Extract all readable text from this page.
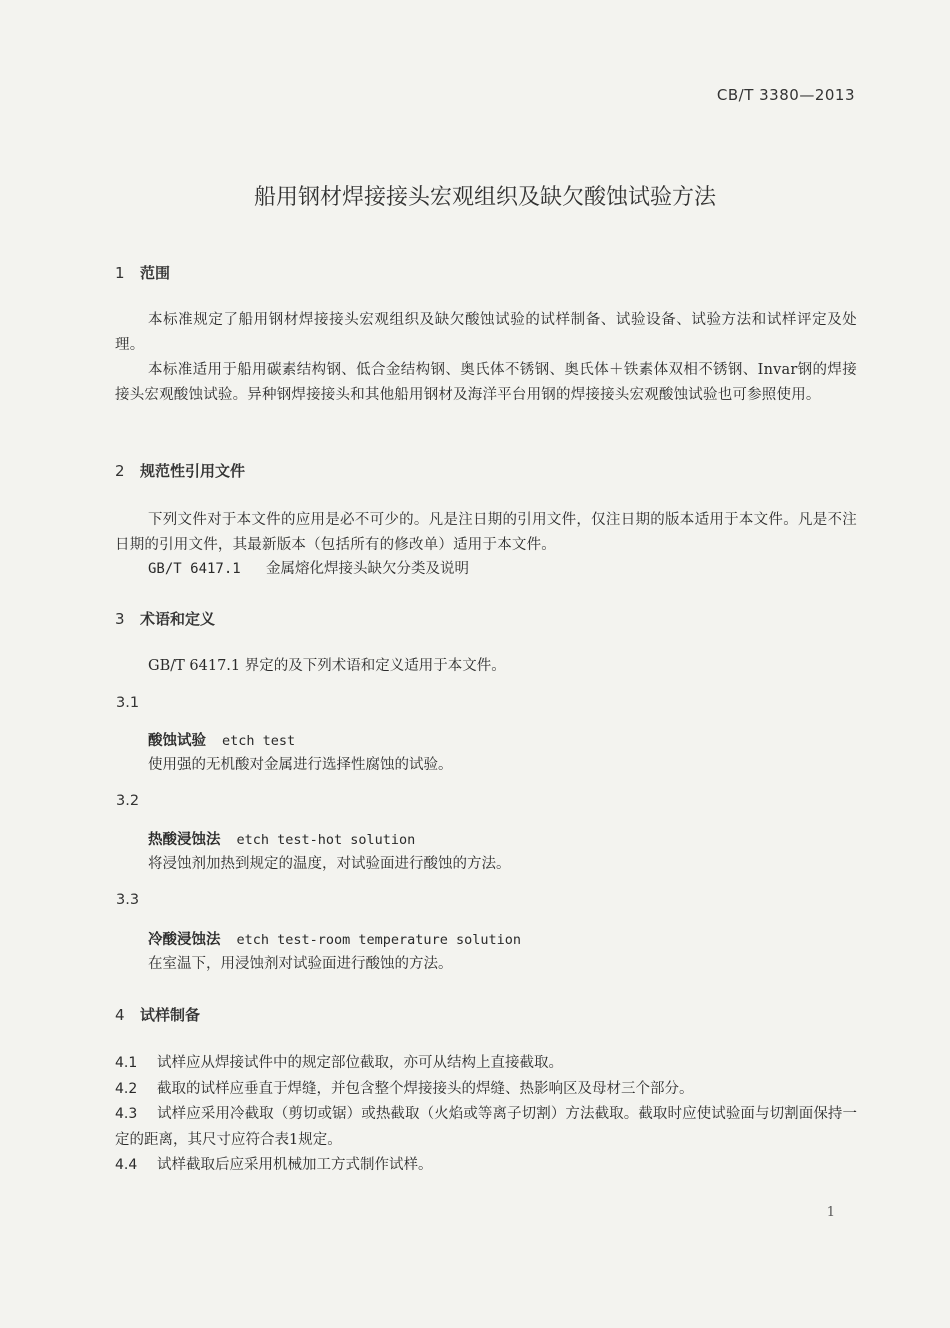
CB/T 3380—2013
船用钢材焊接接头宏观组织及缺欠酸蚀试验方法
1 范围
本标准规定了船用钢材焊接接头宏观组织及缺欠酸蚀试验的试样制备、试验设备、试验方法和试样评定及处理。
本标准适用于船用碳素结构钢、低合金结构钢、奥氏体不锈钢、奥氏体＋铁素体双相不锈钢、Invar钢的焊接接头宏观酸蚀试验。异种钢焊接接头和其他船用钢材及海洋平台用钢的焊接接头宏观酸蚀试验也可参照使用。
2 规范性引用文件
下列文件对于本文件的应用是必不可少的。凡是注日期的引用文件，仅注日期的版本适用于本文件。凡是不注日期的引用文件，其最新版本（包括所有的修改单）适用于本文件。
GB/T 6417.1 金属熔化焊接头缺欠分类及说明
3 术语和定义
GB/T 6417.1 界定的及下列术语和定义适用于本文件。
3.1
酸蚀试验 etch test
使用强的无机酸对金属进行选择性腐蚀的试验。
3.2
热酸浸蚀法 etch test-hot solution
将浸蚀剂加热到规定的温度，对试验面进行酸蚀的方法。
3.3
冷酸浸蚀法 etch test-room temperature solution
在室温下，用浸蚀剂对试验面进行酸蚀的方法。
4 试样制备
4.1 试样应从焊接试件中的规定部位截取，亦可从结构上直接截取。
4.2 截取的试样应垂直于焊缝，并包含整个焊接接头的焊缝、热影响区及母材三个部分。
4.3 试样应采用冷截取（剪切或锯）或热截取（火焰或等离子切割）方法截取。截取时应使试验面与切割面保持一定的距离，其尺寸应符合表1规定。
4.4 试样截取后应采用机械加工方式制作试样。
1
